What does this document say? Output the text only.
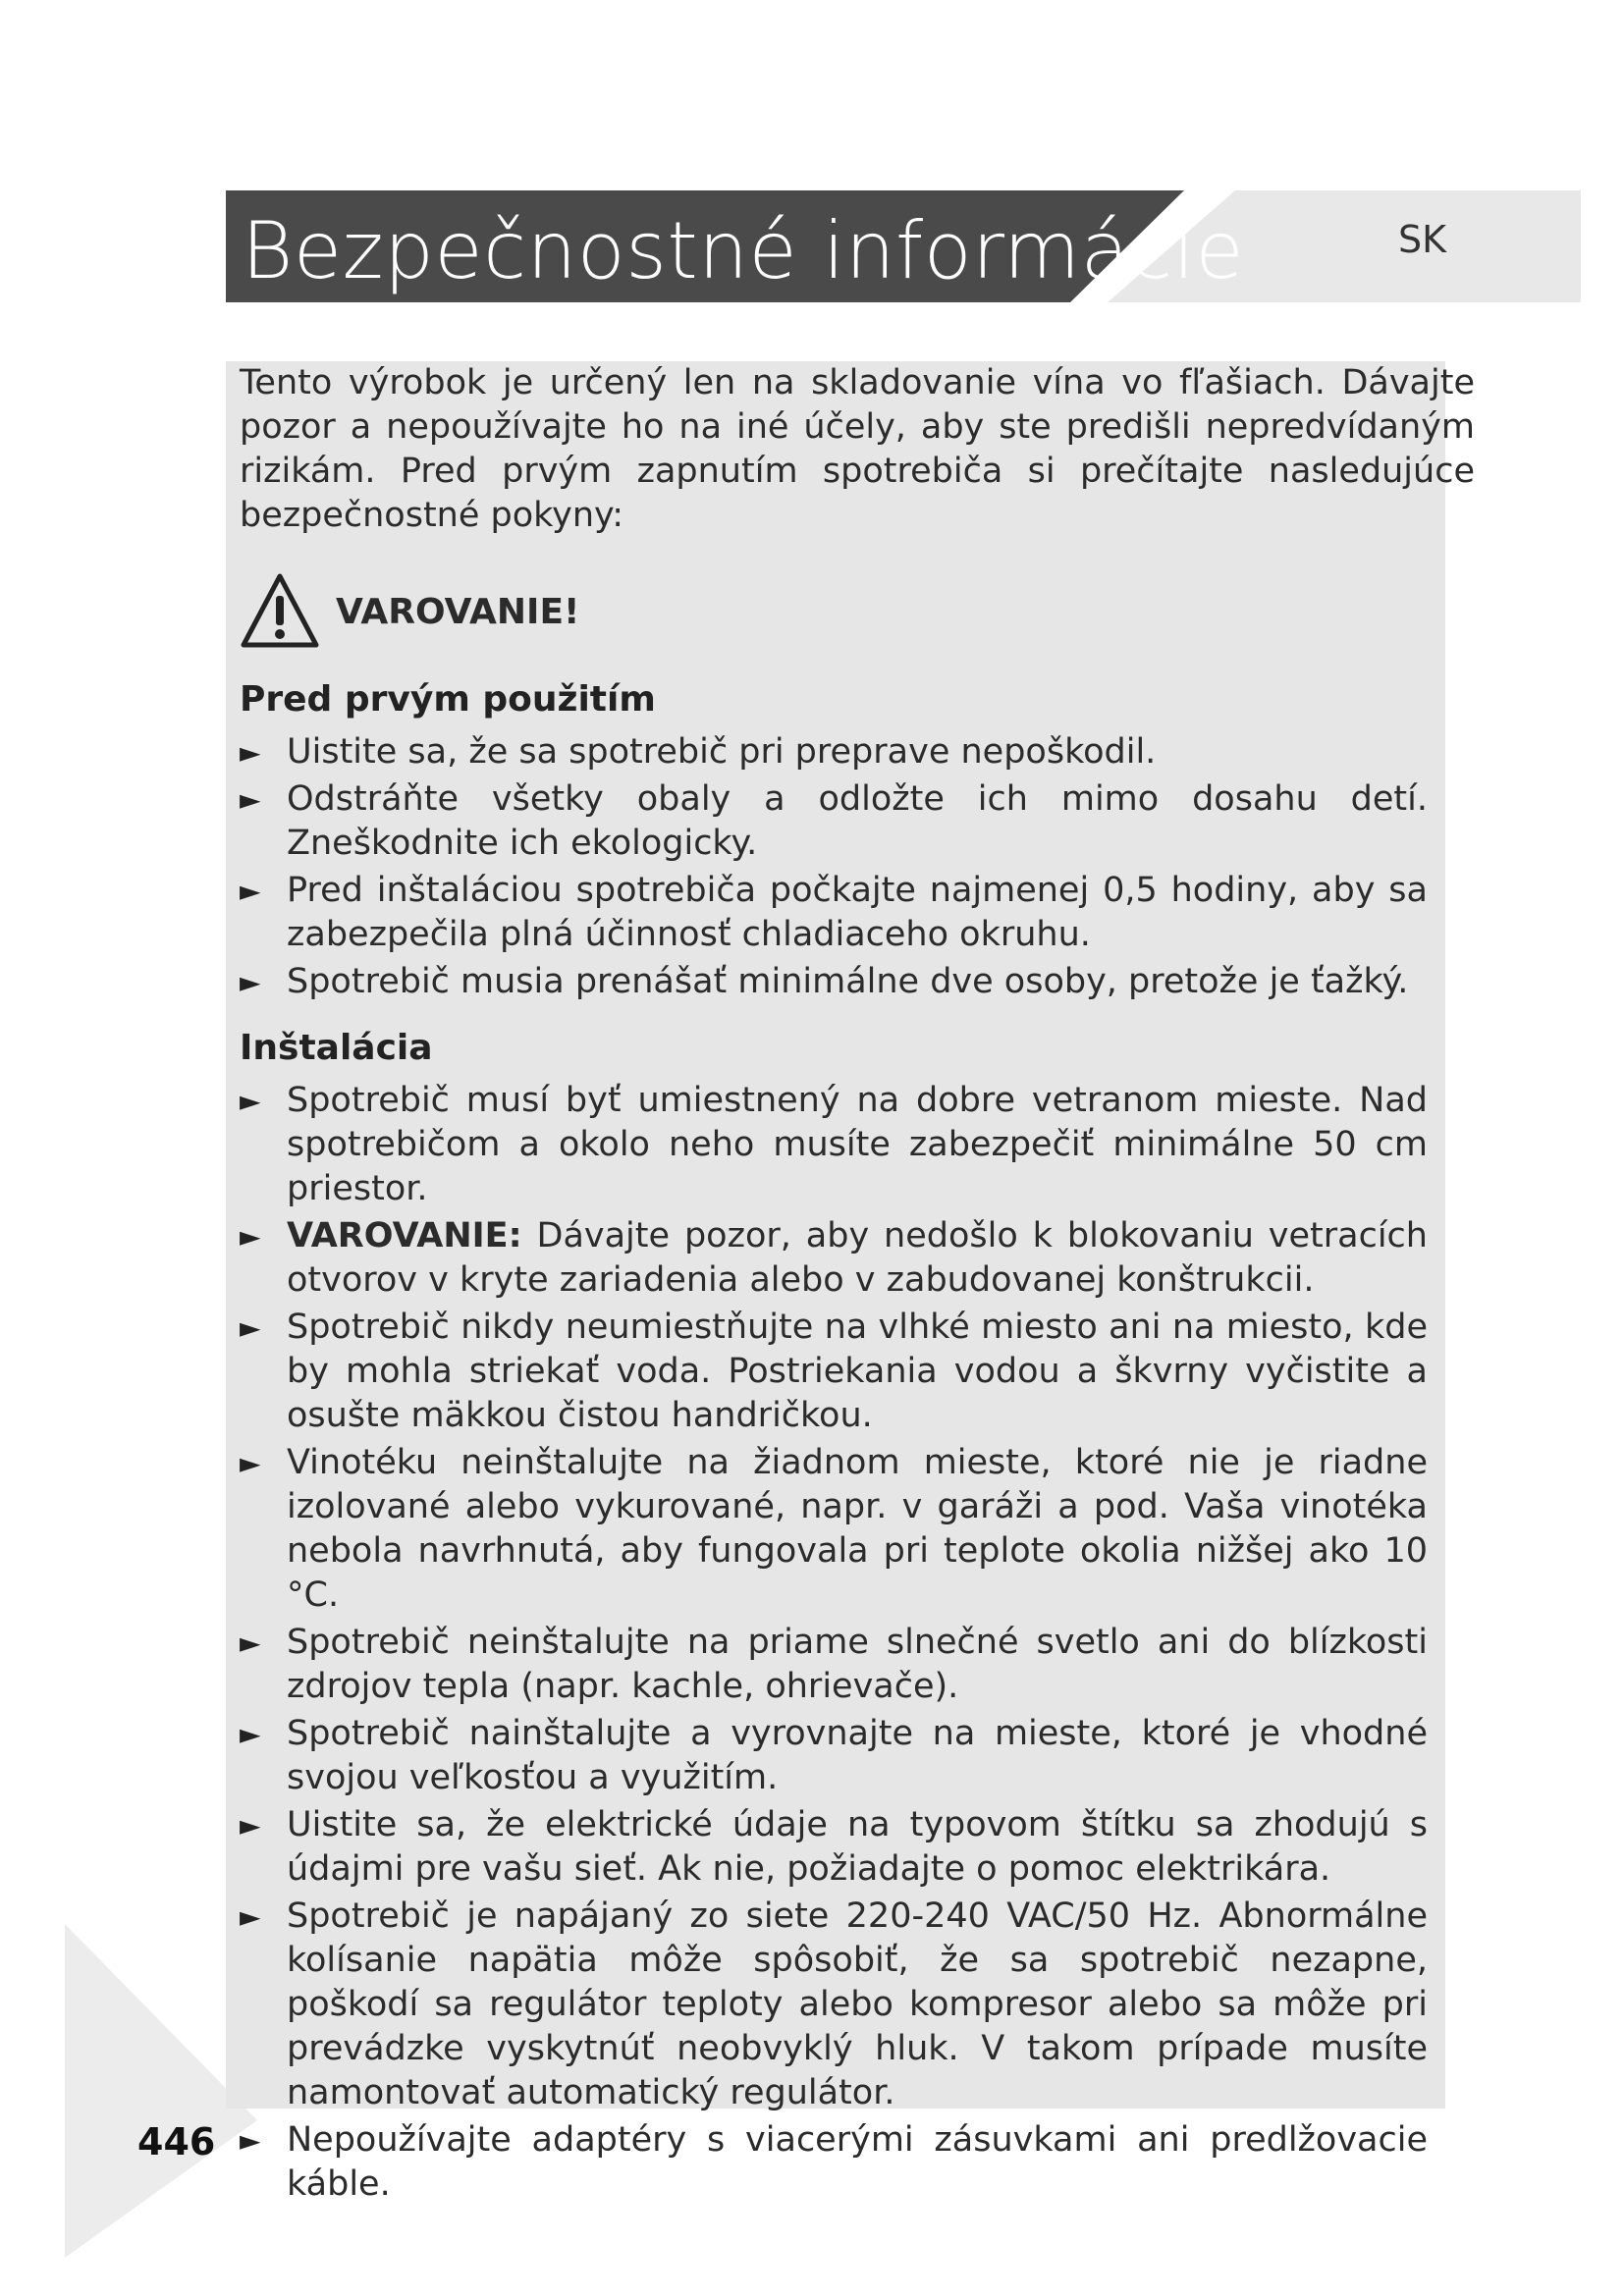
Bezpečnostné informácie	SK

Tento výrobok je určený len na skladovanie vína vo fľašiach. Dávajte pozor a nepoužívajte ho na iné účely, aby ste predišli nepredvídaným rizikám. Pred prvým zapnutím spotrebiča si prečítajte nasledujúce bezpečnostné pokyny:

VAROVANIE!
Pred prvým použitím
► Uistite sa, že sa spotrebič pri preprave nepoškodil.
► Odstráňte všetky obaly a odložte ich mimo dosahu detí. Zneškodnite ich ekologicky.
► Pred inštaláciou spotrebiča počkajte najmenej 0,5 hodiny, aby sa zabezpečila plná účinnosť chladiaceho okruhu.
► Spotrebič musia prenášať minimálne dve osoby, pretože je ťažký.
Inštalácia
► Spotrebič musí byť umiestnený na dobre vetranom mieste. Nad spotrebičom a okolo neho musíte zabezpečiť minimálne 50 cm priestor.
► VAROVANIE: Dávajte pozor, aby nedošlo k blokovaniu vetracích otvorov v kryte zariadenia alebo v zabudovanej konštrukcii.
► Spotrebič nikdy neumiestňujte na vlhké miesto ani na miesto, kde by mohla striekať voda. Postriekania vodou a škvrny vyčistite a osušte mäkkou čistou handričkou.
► Vinotéku neinštalujte na žiadnom mieste, ktoré nie je riadne izolované alebo vykurované, napr. v garáži a pod. Vaša vinotéka nebola navrhnutá, aby fungovala pri teplote okolia nižšej ako 10 °C.
► Spotrebič neinštalujte na priame slnečné svetlo ani do blízkosti zdrojov tepla (napr. kachle, ohrievače).
► Spotrebič nainštalujte a vyrovnajte na mieste, ktoré je vhodné svojou veľkosťou a využitím.
► Uistite sa, že elektrické údaje na typovom štítku sa zhodujú s údajmi pre vašu sieť. Ak nie, požiadajte o pomoc elektrikára.
► Spotrebič je napájaný zo siete 220-240 VAC/50 Hz. Abnormálne kolísanie napätia môže spôsobiť, že sa spotrebič nezapne, poškodí sa regulátor teploty alebo kompresor alebo sa môže pri prevádzke vyskytnúť neobvyklý hluk. V takom prípade musíte namontovať automatický regulátor.
► Nepoužívajte adaptéry s viacerými zásuvkami ani predlžovacie káble.
446
